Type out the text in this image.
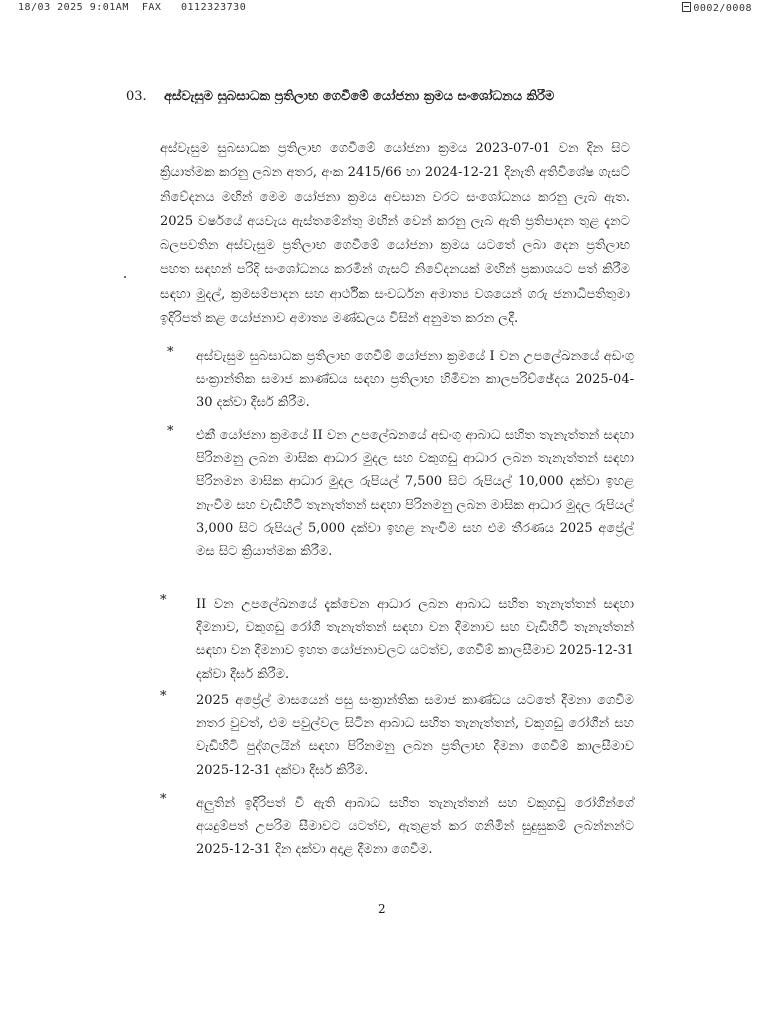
18/03 2025 9:01AM  FAX   0112323730	0002/0008
03. අස්වැසුම සුබසාධක ප්‍රතිලාභ ගෙවීමේ යෝජනා ක්‍රමය සංශෝධනය කිරීම
අස්වැසුම සුබසාධක ප්‍රතිලාභ ගෙවීමේ යෝජනා ක්‍රමය 2023-07-01 වන දින සිට ක්‍රියාත්මක කරනු ලබන අතර, අංක 2415/66 හා 2024-12-21 දිනැති අතිවිශේෂ ගැසට් නිවේදනය මඟින් මෙම යෝජනා ක්‍රමය අවසාන වරට සංශෝධනය කරනු ලැබ ඇත. 2025 වර්ෂයේ අයවැය ඇස්තමේන්තු මඟින් වෙන් කරනු ලැබ ඇති ප්‍රතිපාදන තුළ දැනට බලපවතින අස්වැසුම ප්‍රතිලාභ ගෙවීමේ යෝජනා ක්‍රමය යටතේ ලබා දෙන ප්‍රතිලාභ පහත සඳහන් පරිදි සංශෝධනය කරමින් ගැසට් නිවේදනයක් මඟින් ප්‍රකාශයට පත් කිරීම සඳහා මුදල්, ක්‍රමසම්පාදන සහ ආර්ථික සංවර්ධන අමාත්‍ය වශයෙන් ගරු ජනාධිපතිතුමා ඉදිරිපත් කළ යෝජනාව අමාත්‍ය මණ්ඩලය විසින් අනුමත කරන ලදී.
* අස්වැසුම සුබසාධක ප්‍රතිලාභ ගෙවීම් යෝජනා ක්‍රමයේ I වන උපලේඛනයේ අඩංගු සංක්‍රාන්තික සමාජ කාණ්ඩය සඳහා ප්‍රතිලාභ හිමිවන කාලපරිච්ඡේදය 2025-04-30 දක්වා දීර්ඝ කිරීම.
* එකී යෝජනා ක්‍රමයේ II වන උපලේඛනයේ අඩංගු ආබාධ සහිත තැනැත්තන් සඳහා පිරිනමනු ලබන මාසික ආධාර මුදල සහ වකුගඩු ආධාර ලබන තැනැත්තන් සඳහා පිරිනමන මාසික ආධාර මුදල රුපියල් 7,500 සිට රුපියල් 10,000 දක්වා ඉහළ නැංවීම සහ වැඩිහිටි තැනැත්තන් සඳහා පිරිනමනු ලබන මාසික ආධාර මුදල රුපියල් 3,000 සිට රුපියල් 5,000 දක්වා ඉහළ නැංවීම සහ එම තීරණය 2025 අප්‍රේල් මස සිට ක්‍රියාත්මක කිරීම.
* II වන උපලේඛනයේ දැක්වෙන ආධාර ලබන ආබාධ සහිත තැනැත්තන් සඳහා දීමනාව, වකුගඩු රෝගී තැනැත්තන් සඳහා වන දීමනාව සහ වැඩිහිටි තැනැත්තන් සඳහා වන දීමනාව ඉහත යෝජනාවලට යටත්ව, ගෙවීම් කාලසීමාව 2025-12-31 දක්වා දීර්ඝ කිරීම.
* 2025 අප්‍රේල් මාසයෙන් පසු සංක්‍රාන්තික සමාජ කාණ්ඩය යටතේ දීමනා ගෙවීම නතර වුවත්, එම පවුල්වල සිටින ආබාධ සහිත තැනැත්තන්, වකුගඩු රෝගීන් සහ වැඩිහිටි පුද්ගලයින් සඳහා පිරිනමනු ලබන ප්‍රතිලාභ දීමනා ගෙවීම් කාලසීමාව 2025-12-31 දක්වා දීර්ඝ කිරීම.
* අලුතින් ඉදිරිපත් වී ඇති ආබාධ සහිත තැනැත්තන් සහ වකුගඩු රෝගීන්ගේ අයදුම්පත් උපරිම සීමාවට යටත්ව, ඇතුළත් කර ගනිමින් සුදුසුකම් ලබන්නන්ට 2025-12-31 දින දක්වා අදාළ දීමනා ගෙවීම.
2
